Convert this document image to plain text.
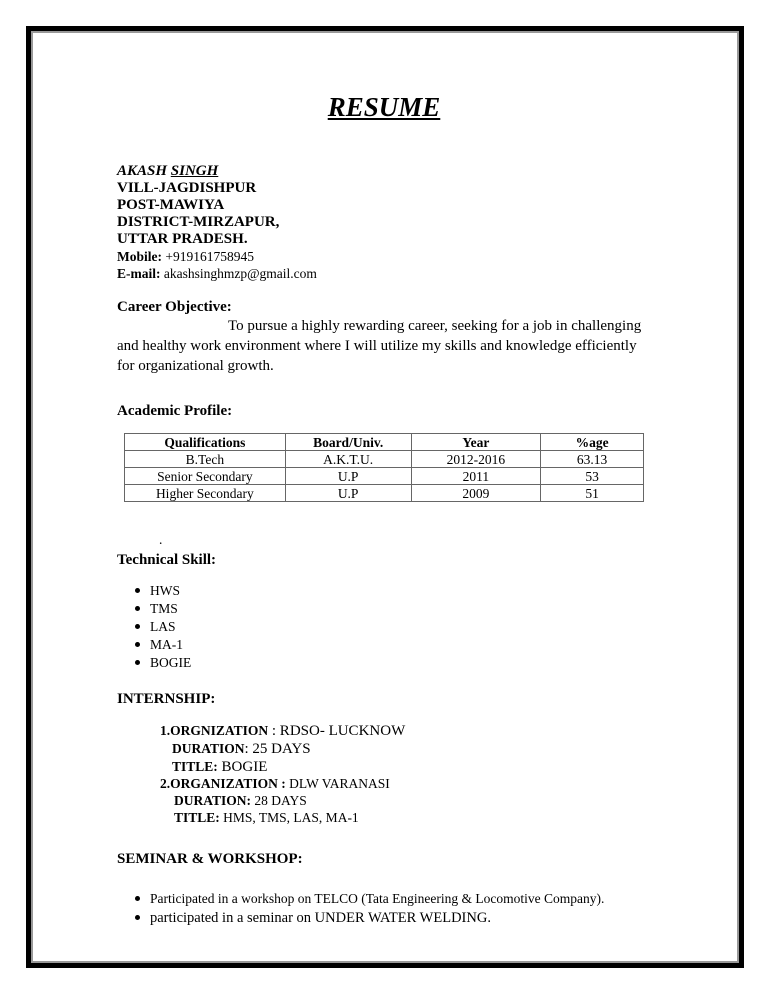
RESUME
AKASH SINGH
VILL-JAGDISHPUR
POST-MAWIYA
DISTRICT-MIRZAPUR,
UTTAR PRADESH.
Mobile: +919161758945
E-mail: akashsinghmzp@gmail.com
Career Objective:
To pursue a highly rewarding career, seeking for a job in challenging
and healthy work environment where I will utilize my skills and knowledge efficiently
for organizational growth.
Academic Profile:
Qualifications	Board/Univ.	Year	%age
B.Tech	A.K.T.U.	2012-2016	63.13
Senior Secondary	U.P	2011	53
Higher Secondary	U.P	2009	51
.
Technical Skill:
HWS
TMS
LAS
MA-1
BOGIE
INTERNSHIP:
1.ORGNIZATION : RDSO- LUCKNOW
DURATION: 25 DAYS
TITLE: BOGIE
2.ORGANIZATION : DLW VARANASI
DURATION: 28 DAYS
TITLE: HMS, TMS, LAS, MA-1
SEMINAR & WORKSHOP:
Participated in a workshop on TELCO (Tata Engineering & Locomotive Company).
participated in a seminar on UNDER WATER WELDING.
